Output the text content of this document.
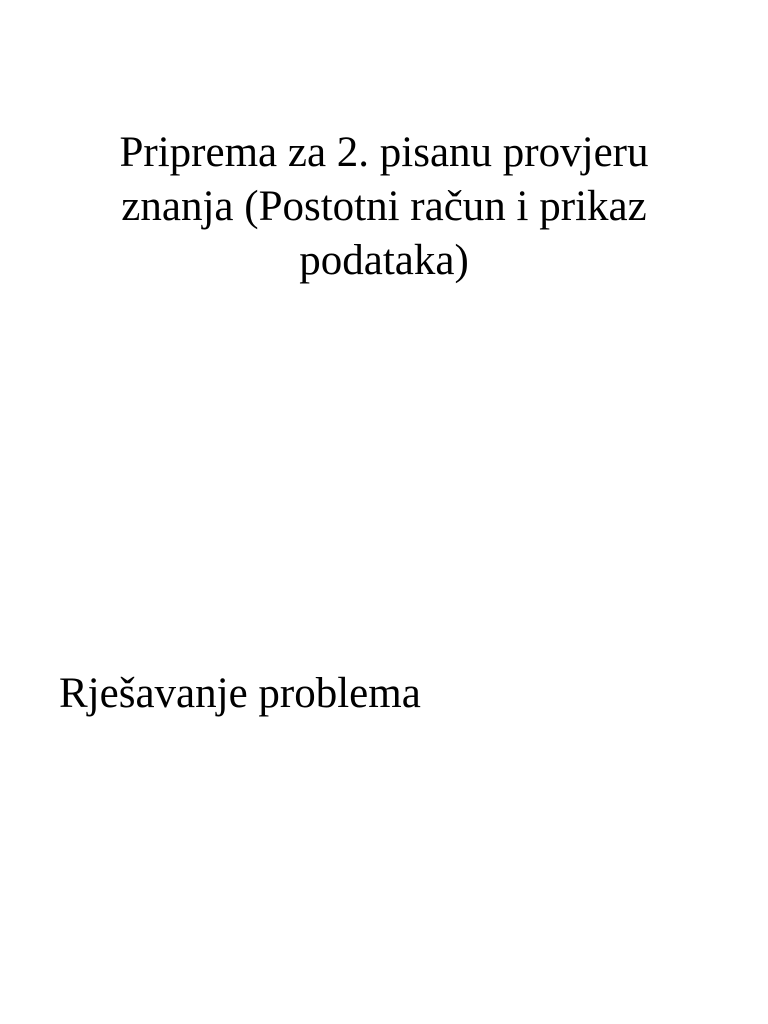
Priprema za 2. pisanu provjeru
znanja (Postotni račun i prikaz
podataka)
Rješavanje problema
